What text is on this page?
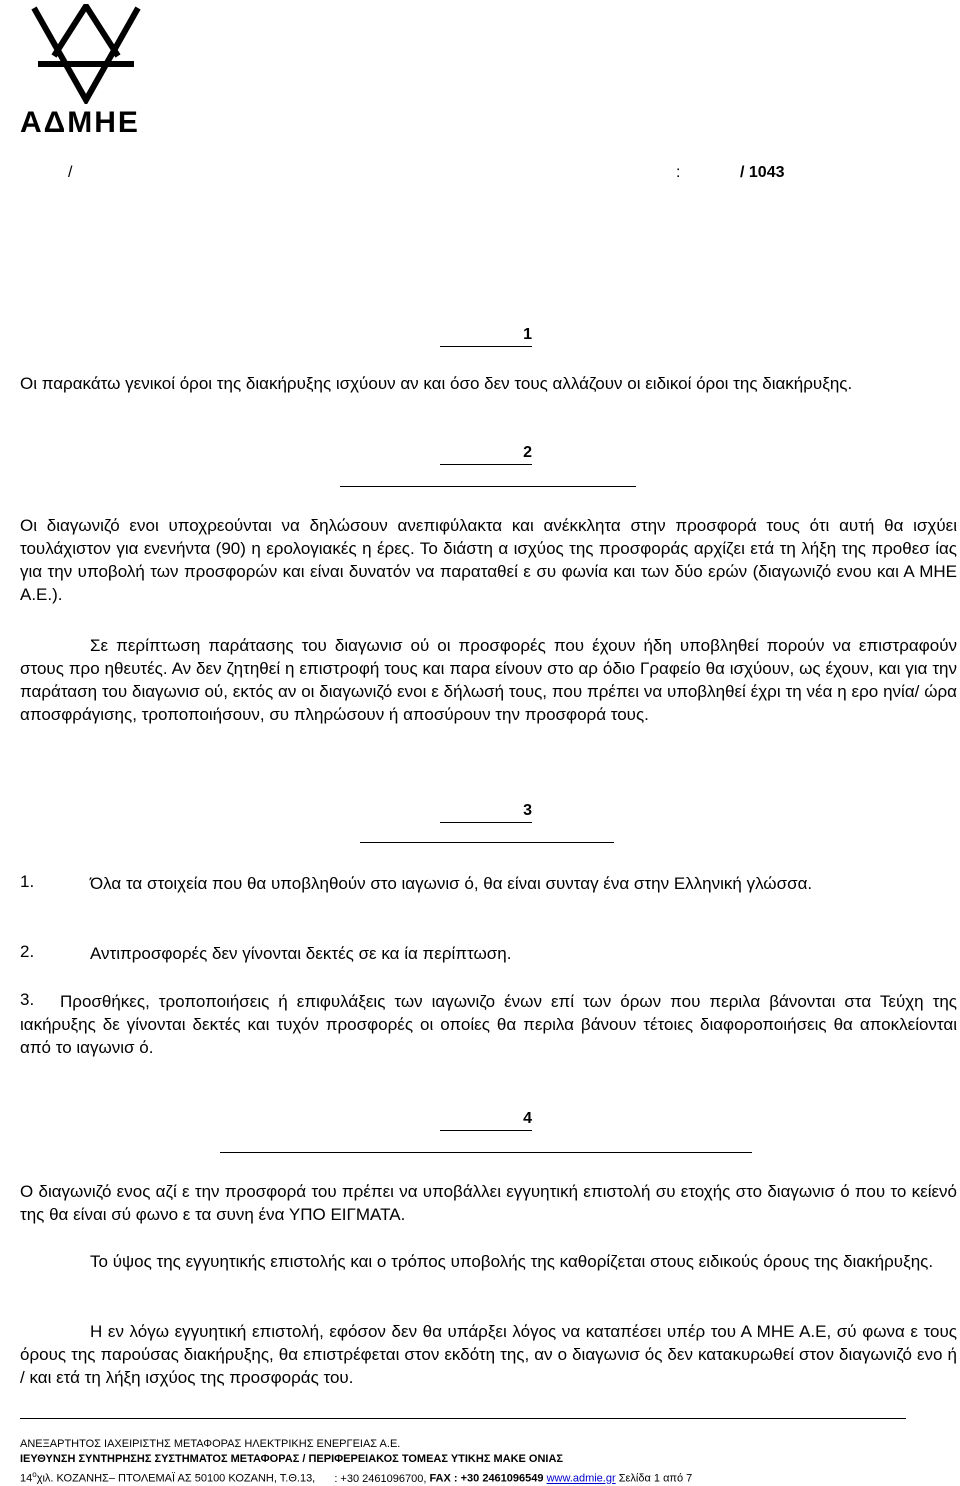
ΑΔΜΗΕ
/	:	/ 1043
1

Οι παρακάτω γενικοί όροι της διακήρυξης ισχύουν αν και όσο δεν τους αλλάζουν οι ειδικοί όροι της διακήρυξης.

2

Οι διαγωνιζό ενοι υποχρεούνται να δηλώσουν ανεπιφύλακτα και ανέκκλητα στην προσφορά τους ότι αυτή θα ισχύει τουλάχιστον για ενενήντα (90) η ερολογιακές η έρες. Το διάστη α ισχύος της προσφοράς αρχίζει ετά τη λήξη της προθεσ ίας για την υποβολή των προσφορών και είναι δυνατόν να παραταθεί ε συ φωνία και των δύο ερών (διαγωνιζό ενου και Α ΜΗΕ Α.Ε.).

Σε περίπτωση παράτασης του διαγωνισ ού οι προσφορές που έχουν ήδη υποβληθεί πορούν να επιστραφούν στους προ ηθευτές. Αν δεν ζητηθεί η επιστροφή τους και παρα είνουν στο αρ όδιο Γραφείο θα ισχύουν, ως έχουν, και για την παράταση του διαγωνισ ού, εκτός αν οι διαγωνιζό ενοι ε δήλωσή τους, που πρέπει να υποβληθεί έχρι τη νέα η ερο ηνία/ ώρα αποσφράγισης, τροποποιήσουν, συ πληρώσουν ή αποσύρουν την προσφορά τους.

3
1.	Όλα τα στοιχεία που θα υποβληθούν στο ιαγωνισ ό, θα είναι συνταγ ένα στην Ελληνική γλώσσα.

2.	Αντιπροσφορές δεν γίνονται δεκτές σε κα ία περίπτωση.

3.	Προσθήκες, τροποποιήσεις ή επιφυλάξεις των ιαγωνιζο ένων επί των όρων που περιλα βάνονται στα Τεύχη της ιακήρυξης δε γίνονται δεκτές και τυχόν προσφορές οι οποίες θα περιλα βάνουν τέτοιες διαφοροποιήσεις θα αποκλείονται από το ιαγωνισ ό.

4

Ο διαγωνιζό ενος αζί ε την προσφορά του πρέπει να υποβάλλει εγγυητική επιστολή συ ετοχής στο διαγωνισ ό που το κείενό της θα είναι σύ φωνο ε τα συνη ένα ΥΠΟ ΕΙΓΜΑΤΑ.

Το ύψος της εγγυητικής επιστολής και ο τρόπος υποβολής της καθορίζεται στους ειδικούς όρους της διακήρυξης.

Η εν λόγω εγγυητική επιστολή, εφόσον δεν θα υπάρξει λόγος να καταπέσει υπέρ του Α ΜΗΕ Α.Ε, σύ φωνα ε τους όρους της παρούσας διακήρυξης, θα επιστρέφεται στον εκδότη της, αν ο διαγωνισ ός δεν κατακυρωθεί στον διαγωνιζό ενο ή / και ετά τη λήξη ισχύος της προσφοράς του.

ΑΝΕΞΑΡΤΗΤΟΣ ΙΑΧΕΙΡΙΣΤΗΣ ΜΕΤΑΦΟΡΑΣ ΗΛΕΚΤΡΙΚΗΣ ΕΝΕΡΓΕΙΑΣ Α.Ε.
ΙΕΥΘΥΝΣΗ ΣΥΝΤΗΡΗΣΗΣ ΣΥΣΤΗΜΑΤΟΣ ΜΕΤΑΦΟΡΑΣ / ΠΕΡΙΦΕΡΕΙΑΚΟΣ ΤΟΜΕΑΣ ΥΤΙΚΗΣ ΜΑΚΕ ΟΝΙΑΣ
$14^o\chi\iota\lambda$. ΚΟΖΑΝΗΣ– ΠΤΟΛΕΜΑΪ ΑΣ 50100 ΚΟΖΑΝΗ, Τ.Θ.13, : +30 2461096700, FAX : +30 2461096549 www.admie.gr Σελίδα 1 από 7
